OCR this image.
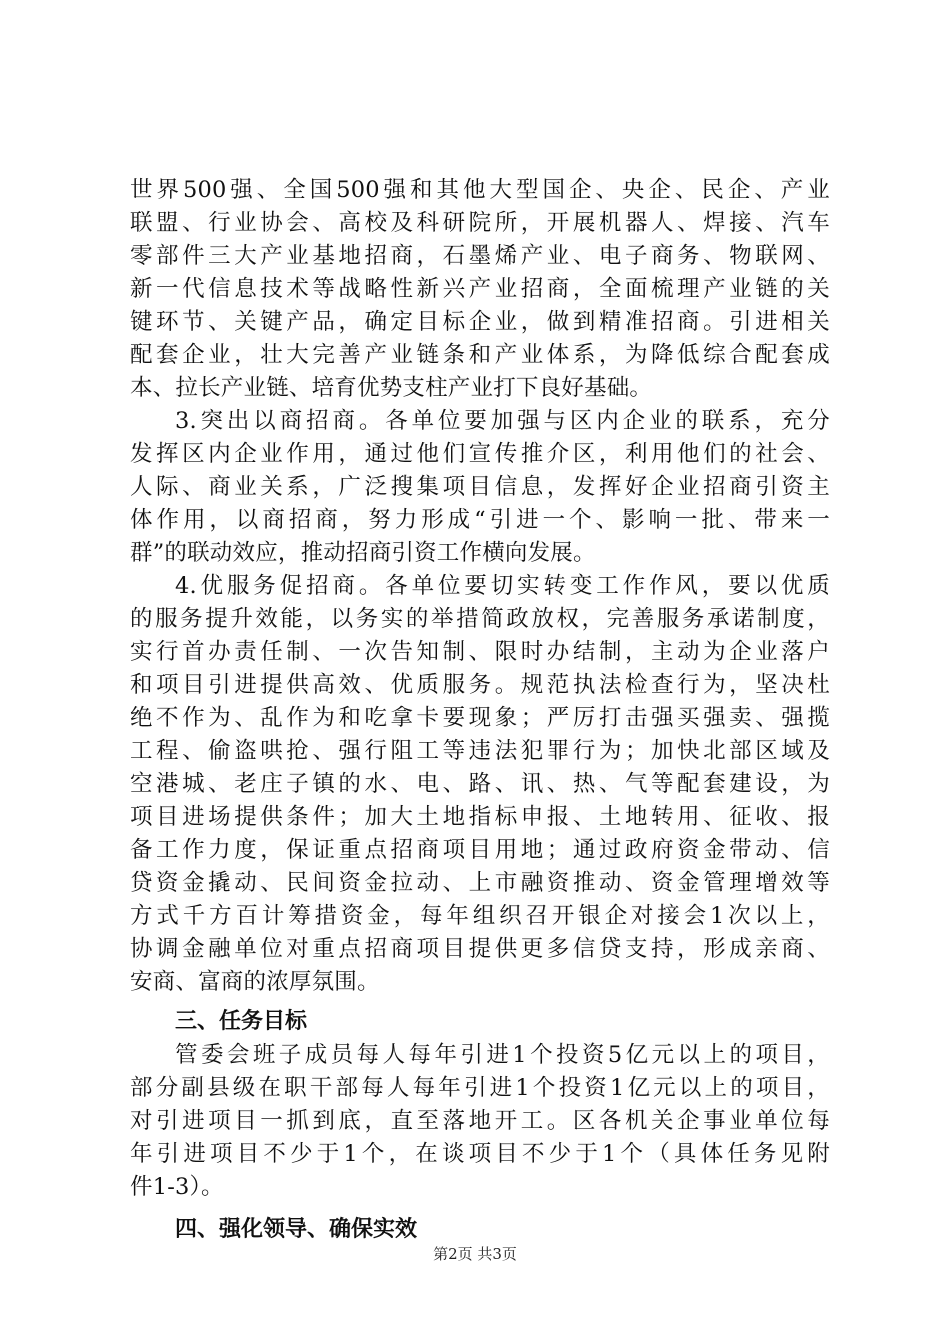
世界500强、全国500强和其他大型国企、央企、民企、产业
联盟、行业协会、高校及科研院所，开展机器人、焊接、汽车
零部件三大产业基地招商，石墨烯产业、电子商务、物联网、
新一代信息技术等战略性新兴产业招商，全面梳理产业链的关
键环节、关键产品，确定目标企业，做到精准招商。引进相关
配套企业，壮大完善产业链条和产业体系，为降低综合配套成
本、拉长产业链、培育优势支柱产业打下良好基础。
3.突出以商招商。各单位要加强与区内企业的联系，充分
发挥区内企业作用，通过他们宣传推介区，利用他们的社会、
人际、商业关系，广泛搜集项目信息，发挥好企业招商引资主
体作用，以商招商，努力形成“引进一个、影响一批、带来一
群”的联动效应，推动招商引资工作横向发展。
4.优服务促招商。各单位要切实转变工作作风，要以优质
的服务提升效能，以务实的举措简政放权，完善服务承诺制度，
实行首办责任制、一次告知制、限时办结制，主动为企业落户
和项目引进提供高效、优质服务。规范执法检查行为，坚决杜
绝不作为、乱作为和吃拿卡要现象；严厉打击强买强卖、强揽
工程、偷盗哄抢、强行阻工等违法犯罪行为；加快北部区域及
空港城、老庄子镇的水、电、路、讯、热、气等配套建设，为
项目进场提供条件；加大土地指标申报、土地转用、征收、报
备工作力度，保证重点招商项目用地；通过政府资金带动、信
贷资金撬动、民间资金拉动、上市融资推动、资金管理增效等
方式千方百计筹措资金，每年组织召开银企对接会1次以上，
协调金融单位对重点招商项目提供更多信贷支持，形成亲商、
安商、富商的浓厚氛围。
三、任务目标
管委会班子成员每人每年引进1个投资5亿元以上的项目，
部分副县级在职干部每人每年引进1个投资1亿元以上的项目，
对引进项目一抓到底，直至落地开工。区各机关企事业单位每
年引进项目不少于1个，在谈项目不少于1个（具体任务见附
件1-3）。
四、强化领导、确保实效
第2页 共3页
